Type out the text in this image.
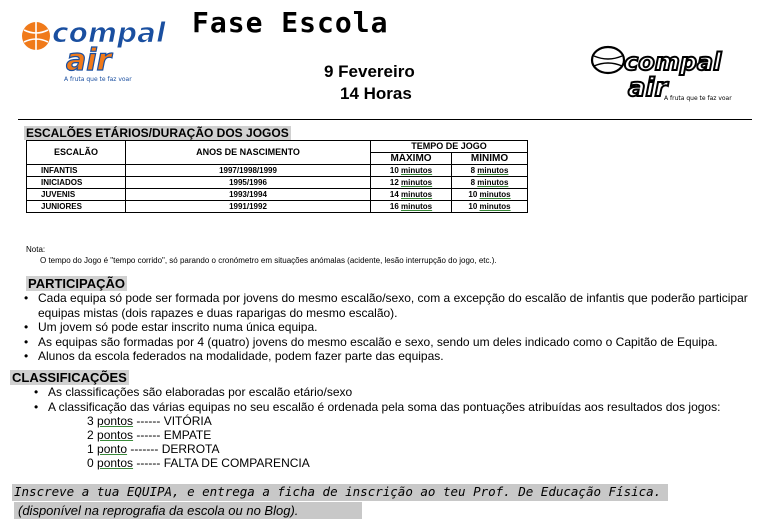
compal
air
A fruta que te faz voar
compal
air
A fruta que te faz voar
Fase Escola
9 Fevereiro
14 Horas
ESCALÕES ETÁRIOS/DURAÇÃO DOS JOGOS
ESCALÃO	ANOS DE NASCIMENTO	TEMPO DE JOGO	
		MÁXIMO	MÍNIMO
INFANTIS	1997/1998/1999	10 minutos	8 minutos
INICIADOS	1995/1996	12 minutos	8 minutos
JUVENIS	1993/1994	14 minutos	10 minutos
JUNIORES	1991/1992	16 minutos	10 minutos
Nota:
O tempo do Jogo é "tempo corrido", só parando o cronómetro em situações anómalas (acidente, lesão interrupção do jogo, etc.).
PARTICIPAÇÃO
• Cada equipa só pode ser formada por jovens do mesmo escalão/sexo, com a excepção do escalão de infantis que poderão participar equipas mistas (dois rapazes e duas raparigas do mesmo escalão).
• Um jovem só pode estar inscrito numa única equipa.
• As equipas são formadas por 4 (quatro) jovens do mesmo escalão e sexo, sendo um deles indicado como o Capitão de Equipa.
• Alunos da escola federados na modalidade, podem fazer parte das equipas.
CLASSIFICAÇÕES
• As classificações são elaboradas por escalão etário/sexo
• A classificação das várias equipas no seu escalão é ordenada pela soma das pontuações atribuídas aos resultados dos jogos:
3 pontos ------ VITÓRIA
2 pontos ------ EMPATE
1 ponto ------- DERROTA
0 pontos ------ FALTA DE COMPARENCIA
Inscreve a tua EQUIPA, e entrega a ficha de inscrição ao teu Prof. De Educação Física.
(disponível na reprografia da escola ou no Blog).
